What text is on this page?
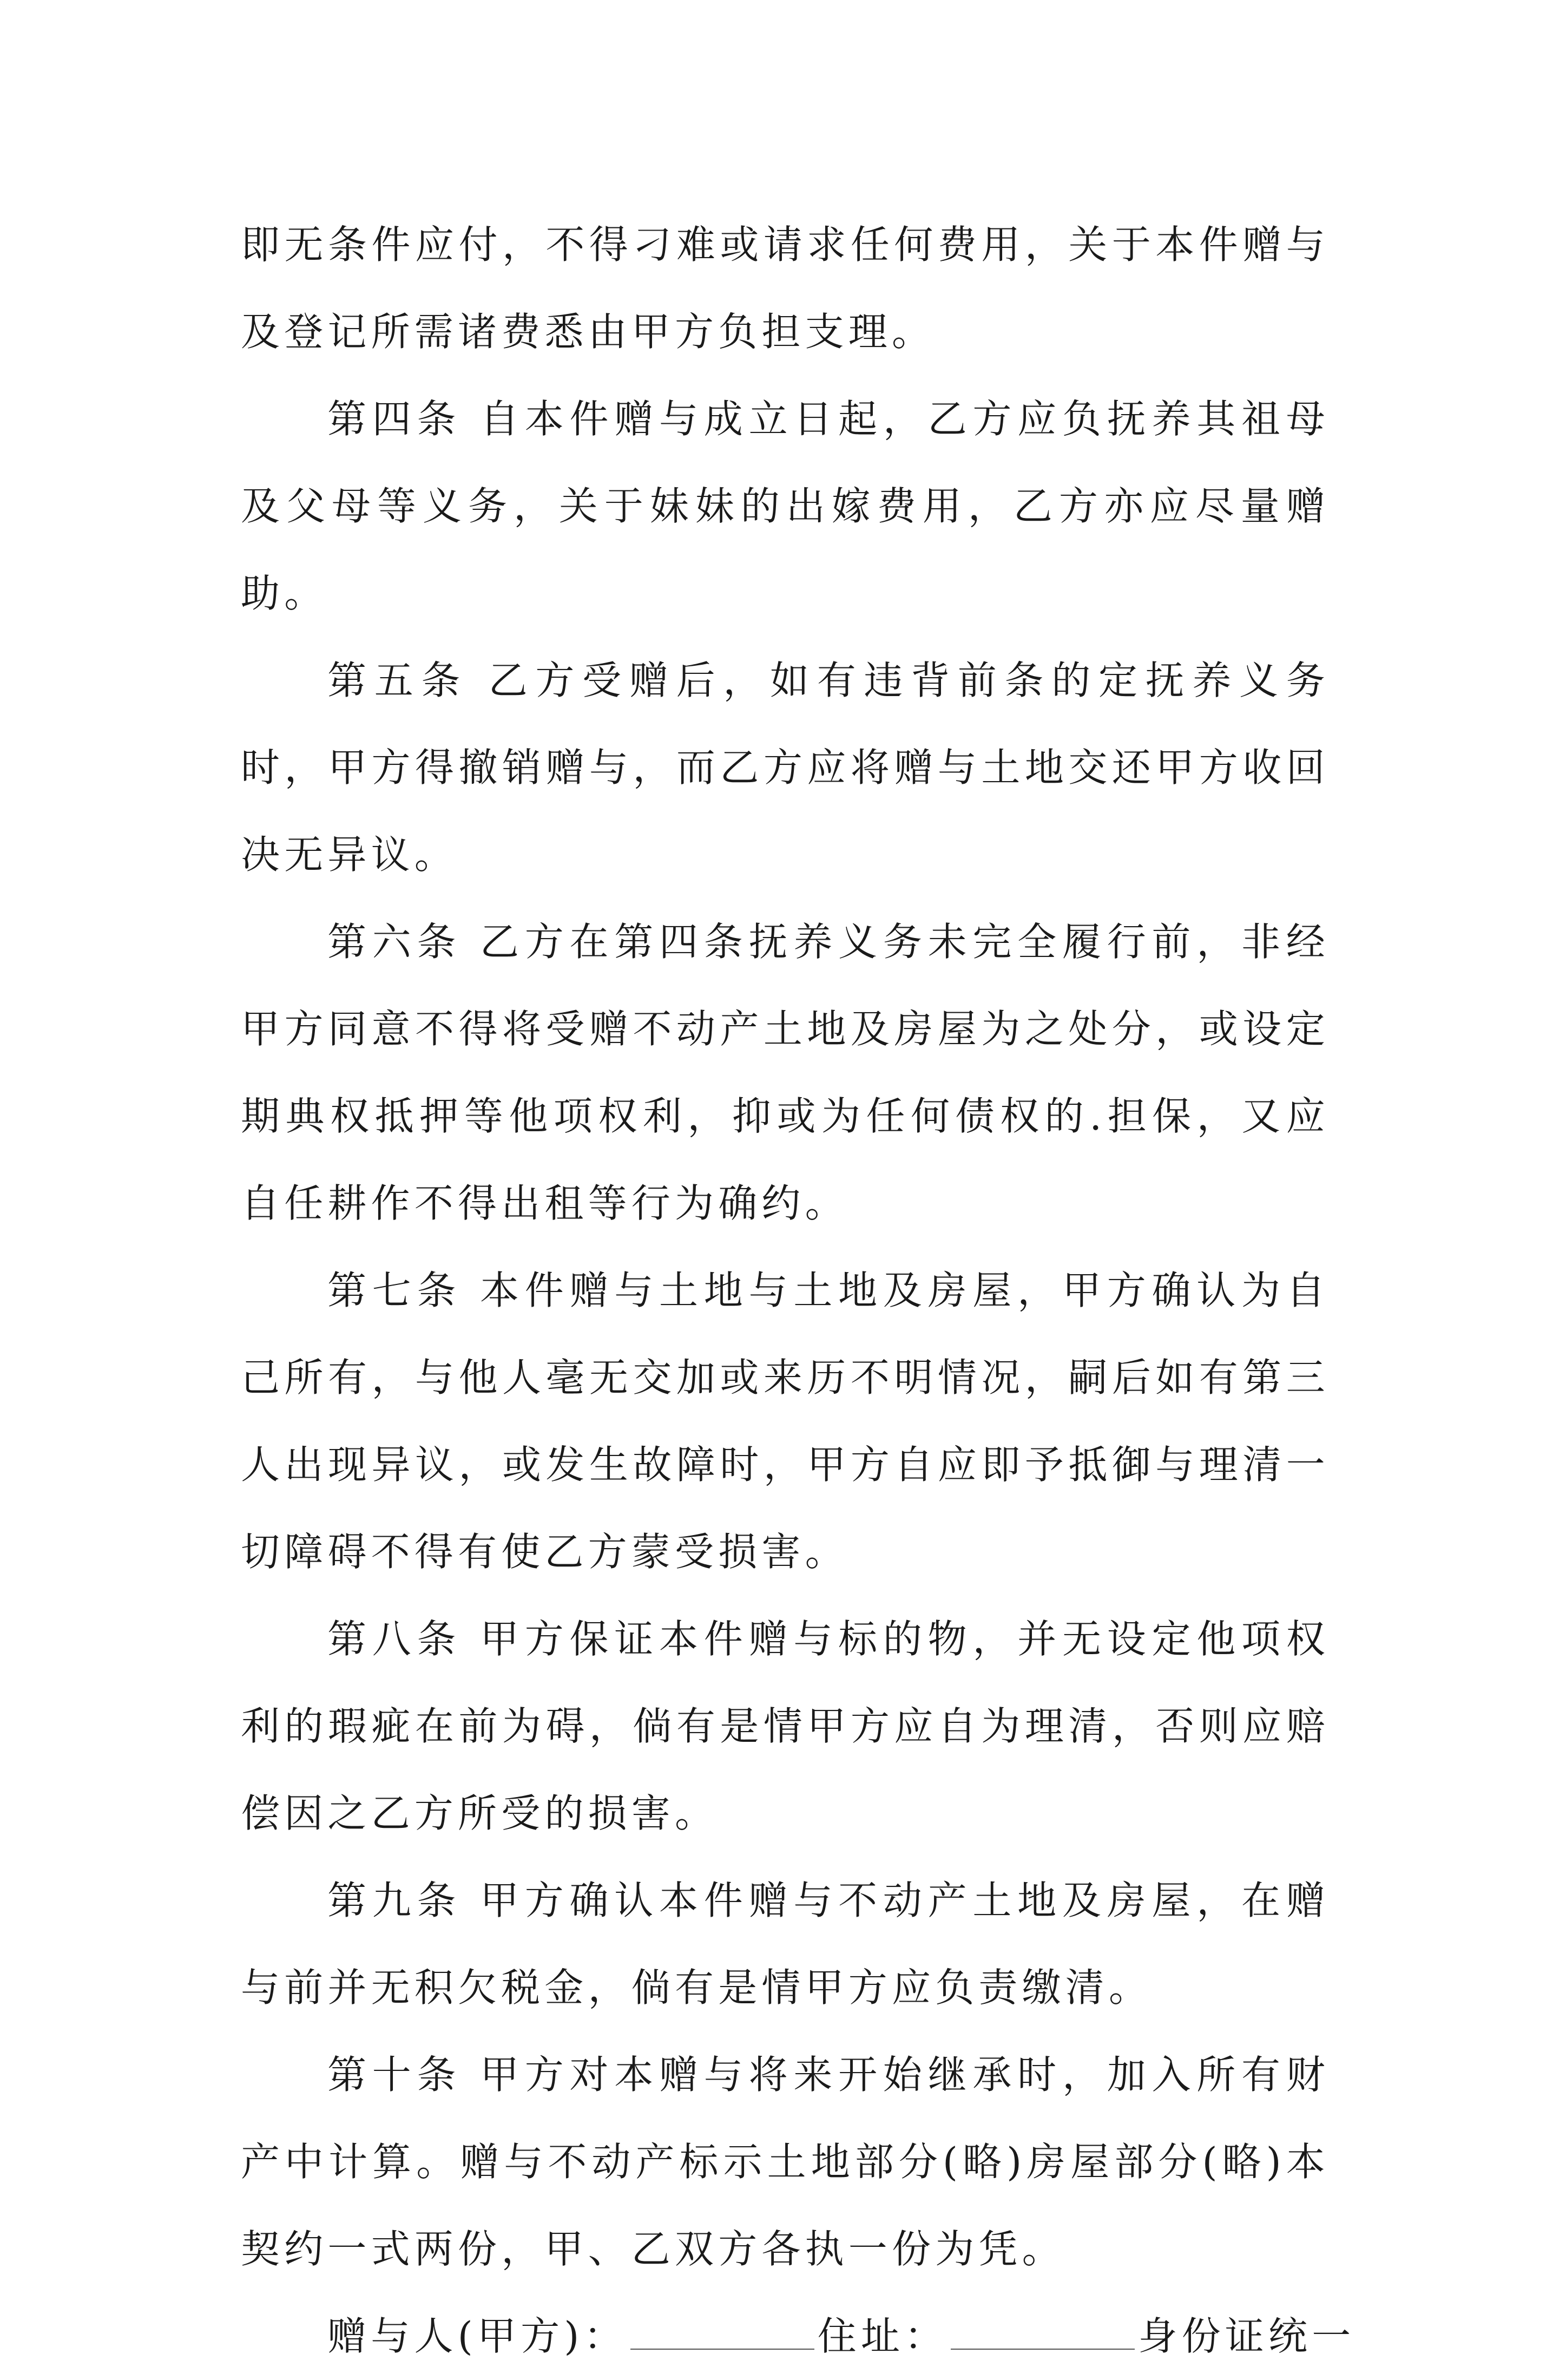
即无条件应付，不得刁难或请求任何费用，关于本件赠与及登记所需诸费悉由甲方负担支理。

第四条 自本件赠与成立日起，乙方应负抚养其祖母及父母等义务，关于妹妹的出嫁费用，乙方亦应尽量赠助。

第五条 乙方受赠后，如有违背前条的定抚养义务时，甲方得撤销赠与，而乙方应将赠与土地交还甲方收回决无异议。

第六条 乙方在第四条抚养义务未完全履行前，非经甲方同意不得将受赠不动产土地及房屋为之处分，或设定期典权抵押等他项权利，抑或为任何债权的.担保，又应自任耕作不得出租等行为确约。

第七条 本件赠与土地与土地及房屋，甲方确认为自己所有，与他人毫无交加或来历不明情况，嗣后如有第三人出现异议，或发生故障时，甲方自应即予抵御与理清一切障碍不得有使乙方蒙受损害。

第八条 甲方保证本件赠与标的物，并无设定他项权利的瑕疵在前为碍，倘有是情甲方应自为理清，否则应赔偿因之乙方所受的损害。

第九条 甲方确认本件赠与不动产土地及房屋，在赠与前并无积欠税金，倘有是情甲方应负责缴清。

第十条 甲方对本赠与将来开始继承时，加入所有财产中计算。赠与不动产标示土地部分(略)房屋部分(略)本契约一式两份，甲、乙双方各执一份为凭。

赠与人(甲方)：	住址：	身份证统一
